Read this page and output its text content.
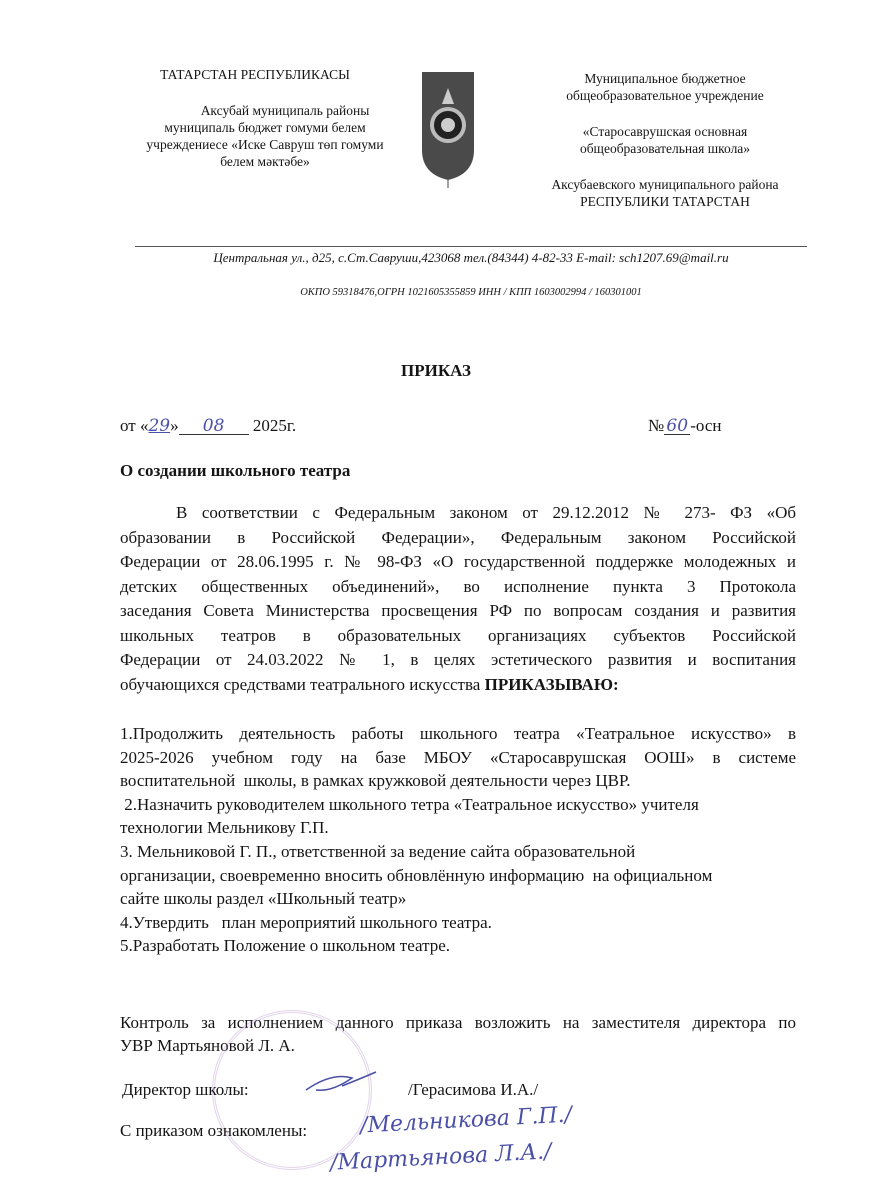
ТАТАРСТАН РЕСПУБЛИКАСЫ
Аксубай муниципаль районы
муниципаль бюджет гомуми белем
учреждениесе «Иске Савруш төп гомуми
белем мәктәбе»
Муниципальное бюджетное
общеобразовательное учреждение
«Старосаврушская основная
общеобразовательная школа»
Аксубаевского муниципального района
РЕСПУБЛИКИ ТАТАРСТАН
Центральная ул., д25, с.Ст.Саврушu,423068 тел.(84344) 4-82-33 E-mail: sch1207.69@mail.ru
ОКПО 59318476,ОГРН 1021605355859 ИНН / КПП 1603002994 / 160301001
ПРИКАЗ
от «29» 08 2025г.	№ 60 -осн
О создании школьного театра
В соответствии с Федеральным законом от 29.12.2012 № 273- ФЗ «Об
образовании в Российской Федерации», Федеральным законом Российской
Федерации от 28.06.1995 г. № 98-ФЗ «О государственной поддержке молодежных и
детских общественных объединений», во исполнение пункта 3 Протокола
заседания Совета Министерства просвещения РФ по вопросам создания и развития
школьных театров в образовательных организациях субъектов Российской
Федерации от 24.03.2022 № 1, в целях эстетического развития и воспитания
обучающихся средствами театрального искусства ПРИКАЗЫВАЮ:
1.Продолжить деятельность работы школьного театра «Театральное искусство» в
2025-2026 учебном году на базе МБОУ «Старосаврушская ООШ» в системе
воспитательной  школы, в рамках кружковой деятельности через ЦВР.
2.Назначить руководителем школьного тетра «Театральное искусство» учителя
технологии Мельникову Г.П.
3. Мельниковой Г. П., ответственной за ведение сайта образовательной
организации, своевременно вносить обновлённую информацию  на официальном
сайте школы раздел «Школьный театр»
4.Утвердить   план мероприятий школьного театра.
5.Разработать Положение о школьном театре.
Контроль за исполнением данного приказа возложить на заместителя директора по
УВР Мартьяновой Л. А.
Директор школы:	/Герасимова И.А./
С приказом ознакомлены:	/Мельникова Г.П./
/Мартьянова Л.А./
